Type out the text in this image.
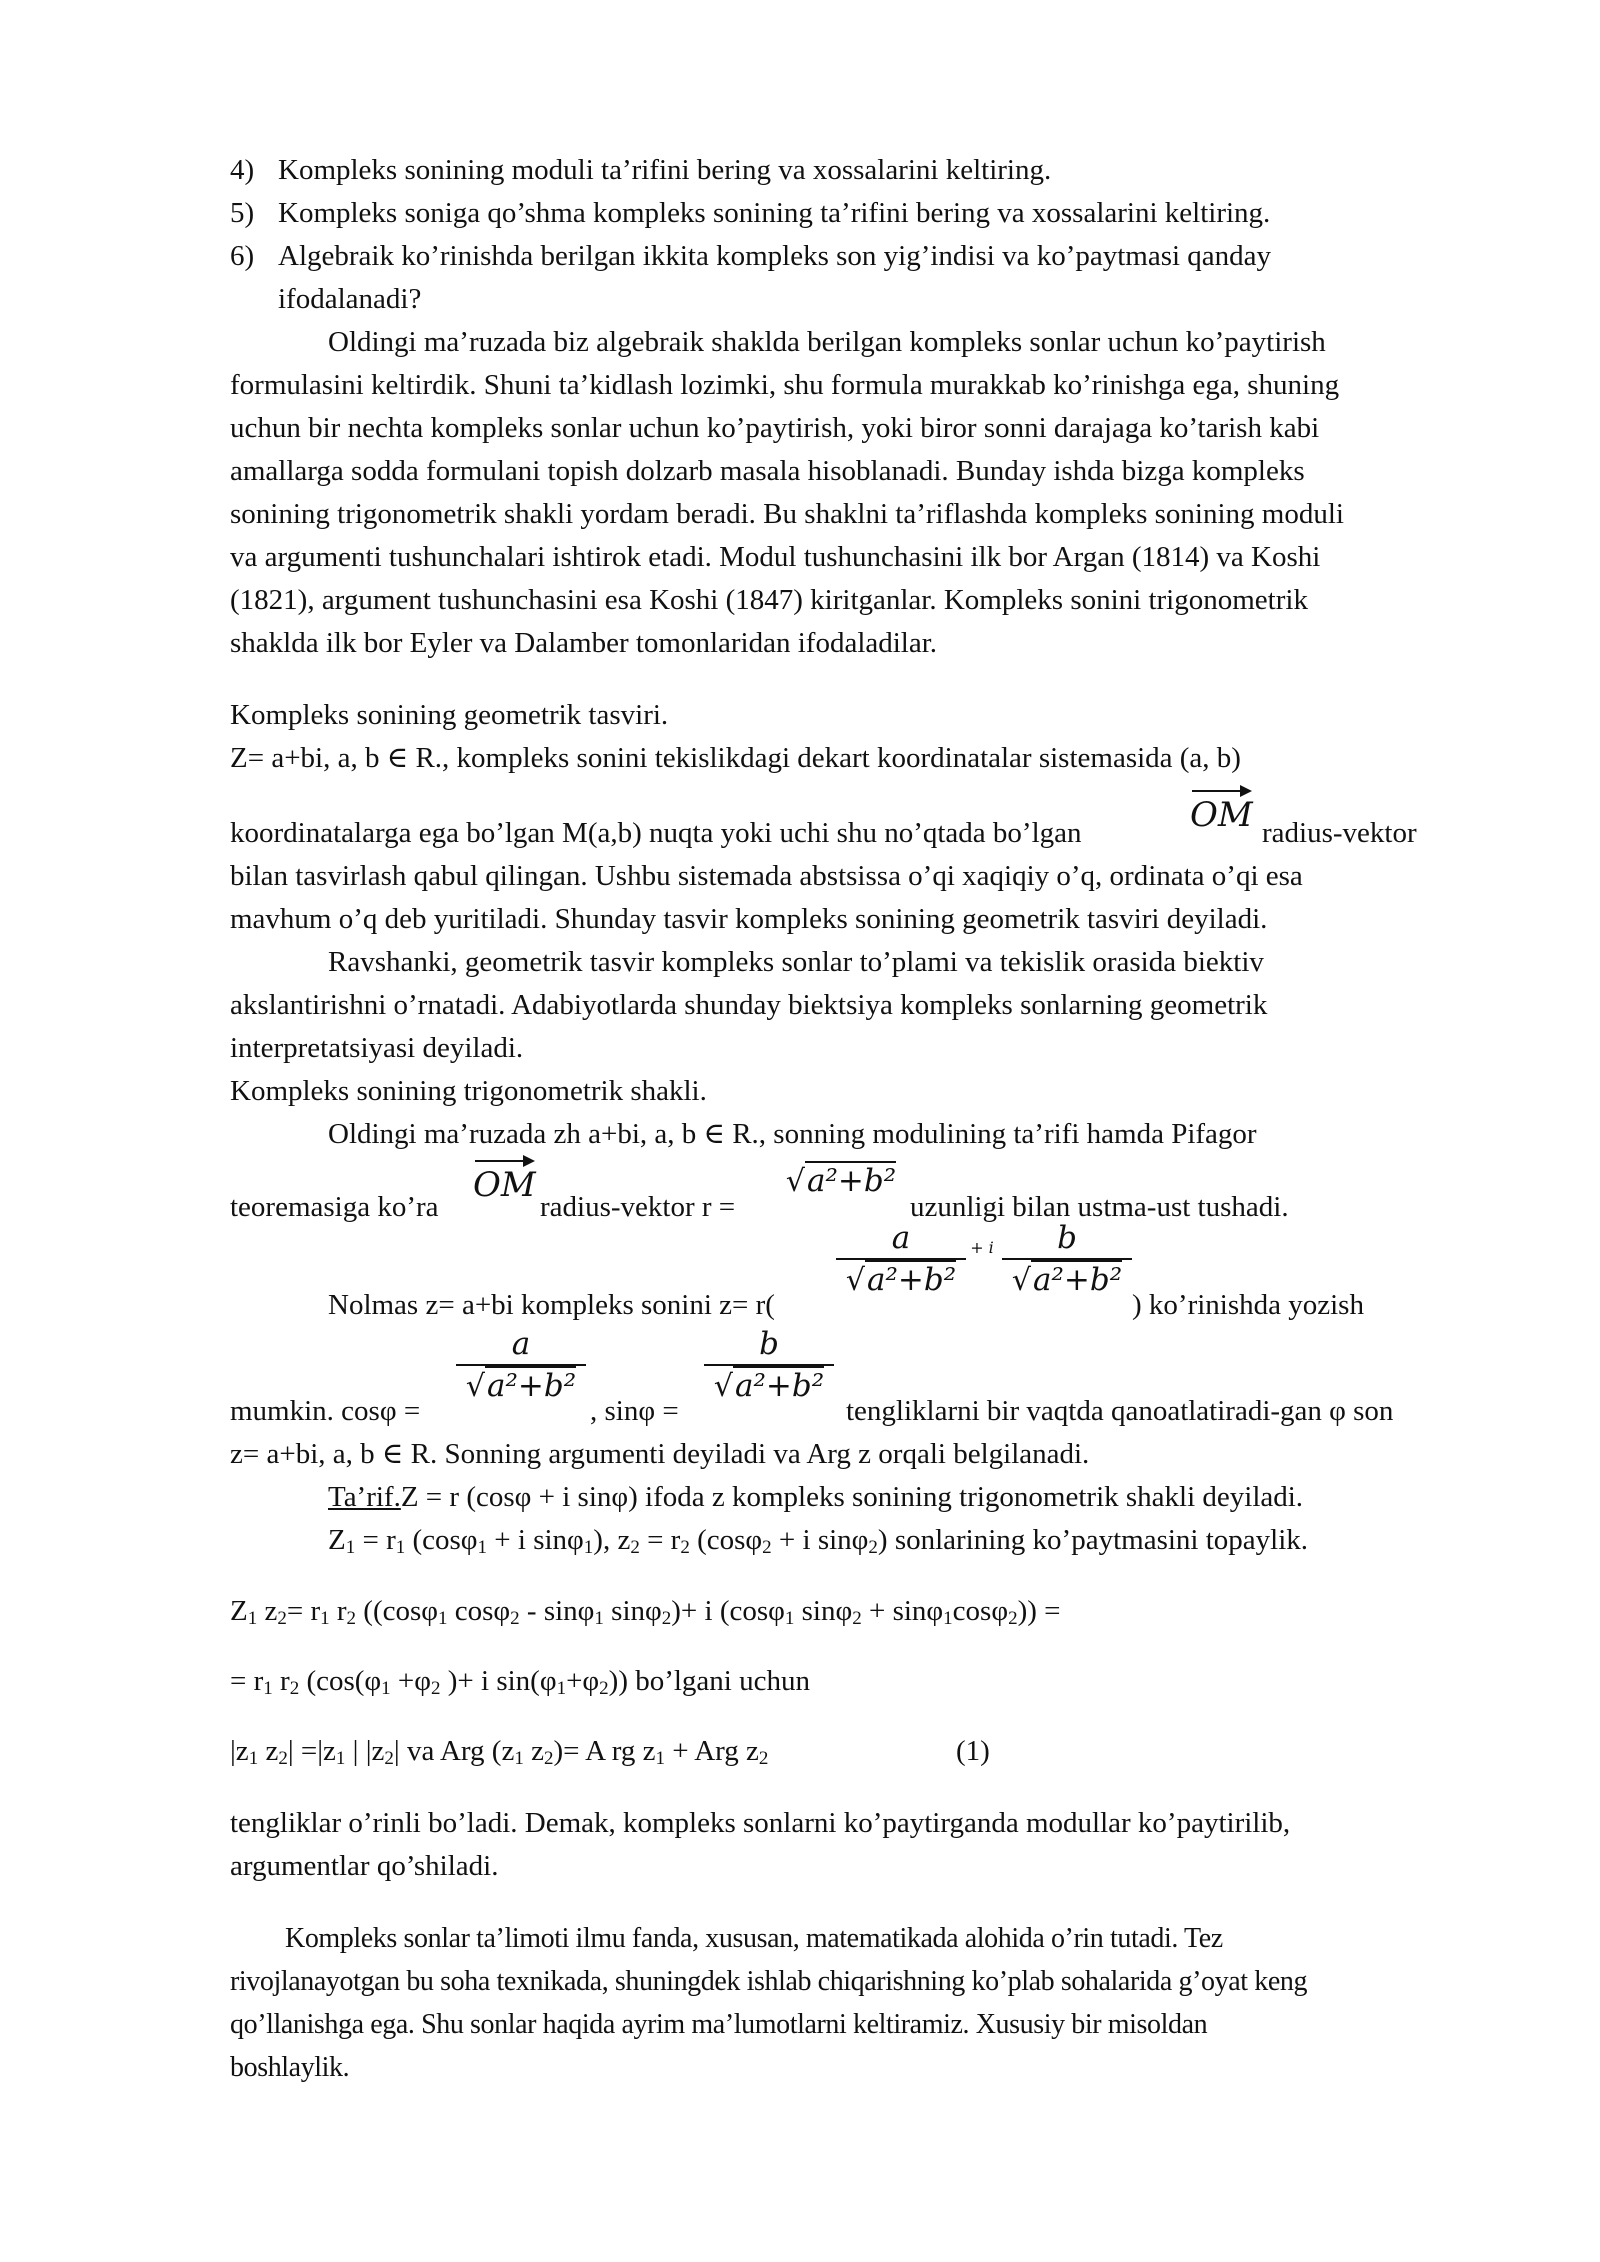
4) Kompleks sonining moduli ta’rifini bering va xossalarini keltiring.
5) Kompleks soniga qo’shma kompleks sonining ta’rifini bering va xossalarini keltiring.
6) Algebraik ko’rinishda berilgan ikkita kompleks son yig’indisi va ko’paytmasi qanday
ifodalanadi?
Oldingi ma’ruzada biz algebraik shaklda berilgan kompleks sonlar uchun ko’paytirish
formulasini keltirdik. Shuni ta’kidlash lozimki, shu formula murakkab ko’rinishga ega, shuning
uchun bir nechta kompleks sonlar uchun ko’paytirish, yoki biror sonni darajaga ko’tarish kabi
amallarga sodda formulani topish dolzarb masala hisoblanadi. Bunday ishda bizga kompleks
sonining trigonometrik shakli yordam beradi. Bu shaklni ta’riflashda kompleks sonining moduli
va argumenti tushunchalari ishtirok etadi. Modul tushunchasini ilk bor Argan (1814) va Koshi
(1821), argument tushunchasini esa Koshi (1847) kiritganlar. Kompleks sonini trigonometrik
shaklda ilk bor Eyler va Dalamber tomonlaridan ifodaladilar.
Kompleks sonining geometrik tasviri.
Z= a+bi, a, b ∈ R., kompleks sonini tekislikdagi dekart koordinatalar sistemasida (a, b)
koordinatalarga ega bo’lgan M(a,b) nuqta yoki uchi shu no’qtada bo’lgan	OM radius-vektor
bilan tasvirlash qabul qilingan. Ushbu sistemada abstsissa o’qi xaqiqiy o’q, ordinata o’qi esa
mavhum o’q deb yuritiladi. Shunday tasvir kompleks sonining geometrik tasviri deyiladi.
Ravshanki, geometrik tasvir kompleks sonlar to’plami va tekislik orasida biektiv
akslantirishni o’rnatadi. Adabiyotlarda shunday biektsiya kompleks sonlarning geometrik
interpretatsiyasi deyiladi.
Kompleks sonining trigonometrik shakli.
Oldingi ma’ruzada zh a+bi, a, b ∈ R., sonning modulining ta’rifi hamda Pifagor
teoremasiga ko’ra
OM
radius-vektor r =
√a²+b²
uzunligi bilan ustma-ust tushadi.
Nolmas z= a+bi kompleks sonini z= r(
a
√a²+b²
+ i	b
√a²+b²
) ko’rinishda yozish
mumkin. cosφ =
a
√a²+b²
, sinφ =
b
√a²+b²
tengliklarni bir vaqtda qanoatlatiradi-gan φ son
z= a+bi, a, b ∈ R. Sonning argumenti deyiladi va Arg z orqali belgilanadi.
Ta’rif.Z = r (cosφ + i sinφ) ifoda z kompleks sonining trigonometrik shakli deyiladi.
$Z_1 = r_1$ (cosφ$_1$ + i sinφ$_1$), $z_2 = r_2$ (cosφ$_2$ + i sinφ$_2$) sonlarining ko’paytmasini topaylik.
$Z_1$ $z_2= r_1$ $r_2$ ((cosφ$_1$ cosφ$_2$ - sinφ$_1$ sinφ$_2$)+ i (cosφ$_1$ sinφ$_2$ + sinφ$_1$cosφ$_2$)) =
= $r_1$ $r_2$ ($\cos(\varphi_1 +\varphi_2$ )+ i $\sin(\varphi_1+\varphi_2)$) bo’lgani uchun
$|z_1$ $z_2| =|z_1$ | $|z_2|$ va Arg ($z_1$ $z_2)= A$ rg $z_1$ + Arg $z_2$	(1)
tengliklar o’rinli bo’ladi. Demak, kompleks sonlarni ko’paytirganda modullar ko’paytirilib,
argumentlar qo’shiladi.
Kompleks sonlar ta’limoti ilmu fanda, xususan, matematikada alohida o’rin tutadi. Tez
rivojlanayotgan bu soha texnikada, shuningdek ishlab chiqarishning ko’plab sohalarida g’oyat keng
qo’llanishga ega. Shu sonlar haqida ayrim ma’lumotlarni keltiramiz. Xususiy bir misoldan
boshlaylik.
